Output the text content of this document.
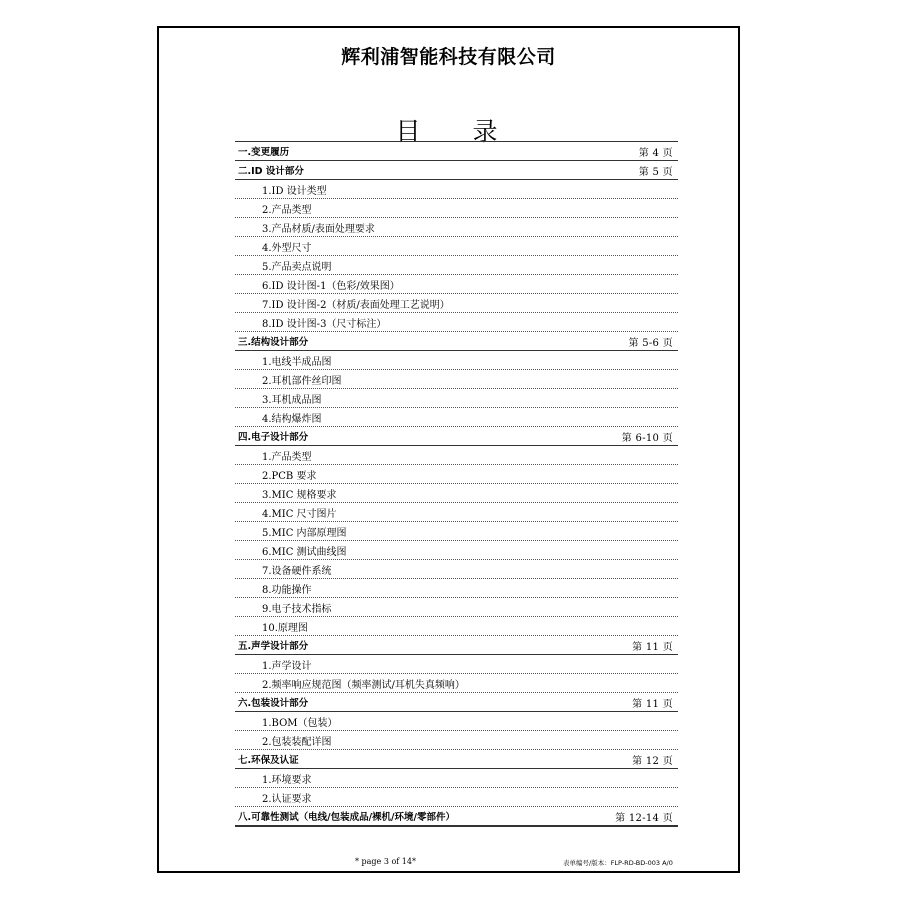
辉利浦智能科技有限公司
目 录
一.变更履历	第 4 页
二.ID 设计部分	第 5 页
1.ID 设计类型
2.产品类型
3.产品材质/表面处理要求
4.外型尺寸
5.产品卖点说明
6.ID 设计图-1（色彩/效果图）
7.ID 设计图-2（材质/表面处理工艺说明）
8.ID 设计图-3（尺寸标注）
三.结构设计部分	第 5-6 页
1.电线半成品图
2.耳机部件丝印图
3.耳机成品图
4.结构爆炸图
四.电子设计部分	第 6-10 页
1.产品类型
2.PCB 要求
3.MIC 规格要求
4.MIC 尺寸图片
5.MIC 内部原理图
6.MIC 测试曲线图
7.设备硬件系统
8.功能操作
9.电子技术指标
10.原理图
五.声学设计部分	第 11 页
1.声学设计
2.频率响应规范图（频率测试/耳机失真频响）
六.包装设计部分	第 11 页
1.BOM（包装）
2.包装装配详图
七.环保及认证	第 12 页
1.环境要求
2.认证要求
八.可靠性测试（电线/包装成品/裸机/环境/零部件）	第 12-14 页
* page 3 of 14*	表单编号/版本：FLP-RD-BD-003 A/0
